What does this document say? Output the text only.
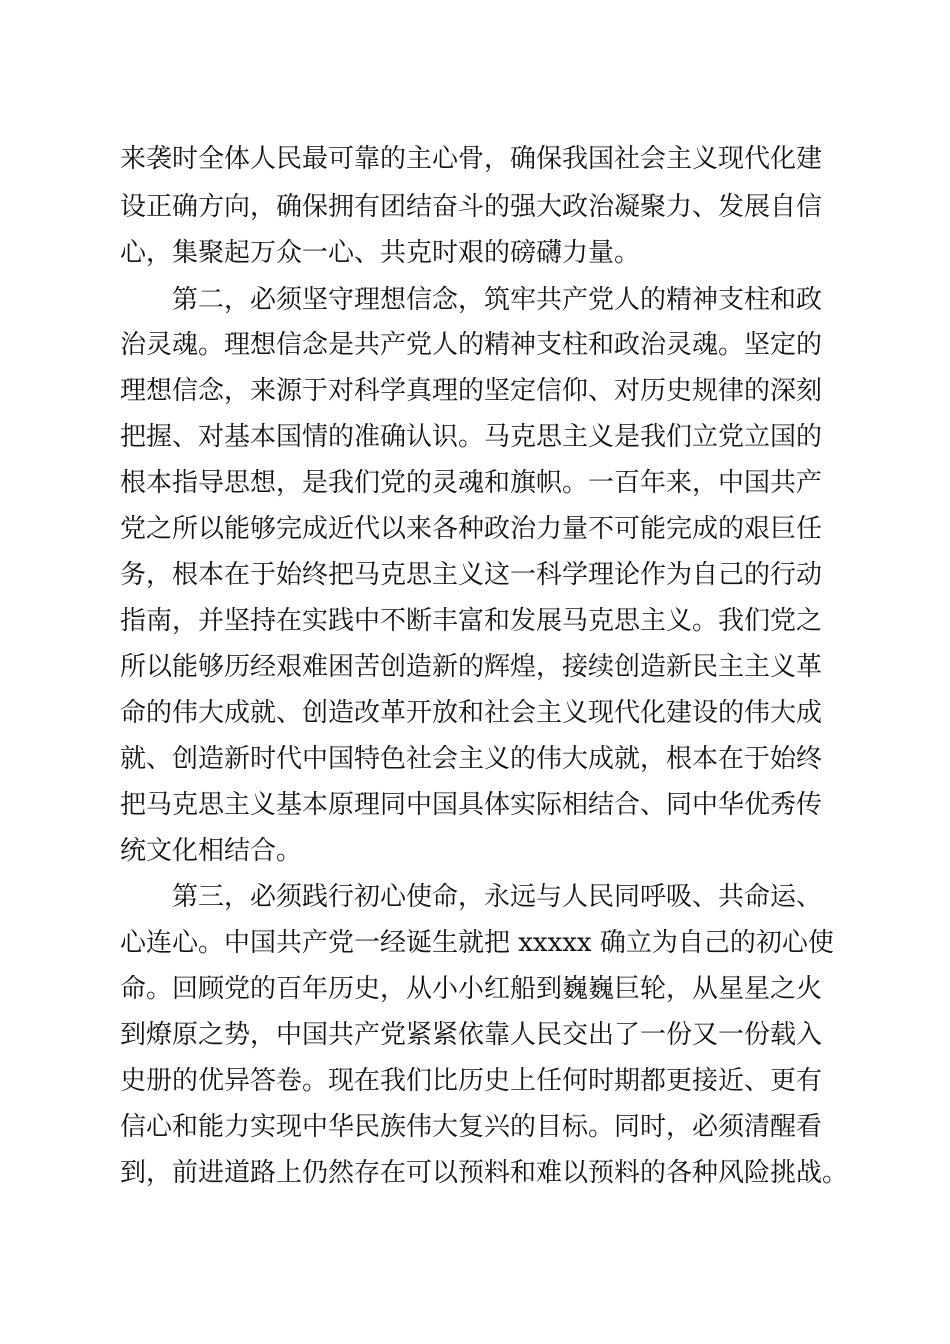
来袭时全体人民最可靠的主心骨，确保我国社会主义现代化建

设正确方向，确保拥有团结奋斗的强大政治凝聚力、发展自信

心，集聚起万众一心、共克时艰的磅礴力量。

第二，必须坚守理想信念，筑牢共产党人的精神支柱和政

治灵魂。理想信念是共产党人的精神支柱和政治灵魂。坚定的

理想信念，来源于对科学真理的坚定信仰、对历史规律的深刻

把握、对基本国情的准确认识。马克思主义是我们立党立国的

根本指导思想，是我们党的灵魂和旗帜。一百年来，中国共产

党之所以能够完成近代以来各种政治力量不可能完成的艰巨任

务，根本在于始终把马克思主义这一科学理论作为自己的行动

指南，并坚持在实践中不断丰富和发展马克思主义。我们党之

所以能够历经艰难困苦创造新的辉煌，接续创造新民主主义革

命的伟大成就、创造改革开放和社会主义现代化建设的伟大成

就、创造新时代中国特色社会主义的伟大成就，根本在于始终

把马克思主义基本原理同中国具体实际相结合、同中华优秀传

统文化相结合。

第三，必须践行初心使命，永远与人民同呼吸、共命运、

心连心。中国共产党一经诞生就把 xxxxx 确立为自己的初心使

命。回顾党的百年历史，从小小红船到巍巍巨轮，从星星之火

到燎原之势，中国共产党紧紧依靠人民交出了一份又一份载入

史册的优异答卷。现在我们比历史上任何时期都更接近、更有

信心和能力实现中华民族伟大复兴的目标。同时，必须清醒看

到，前进道路上仍然存在可以预料和难以预料的各种风险挑战。
